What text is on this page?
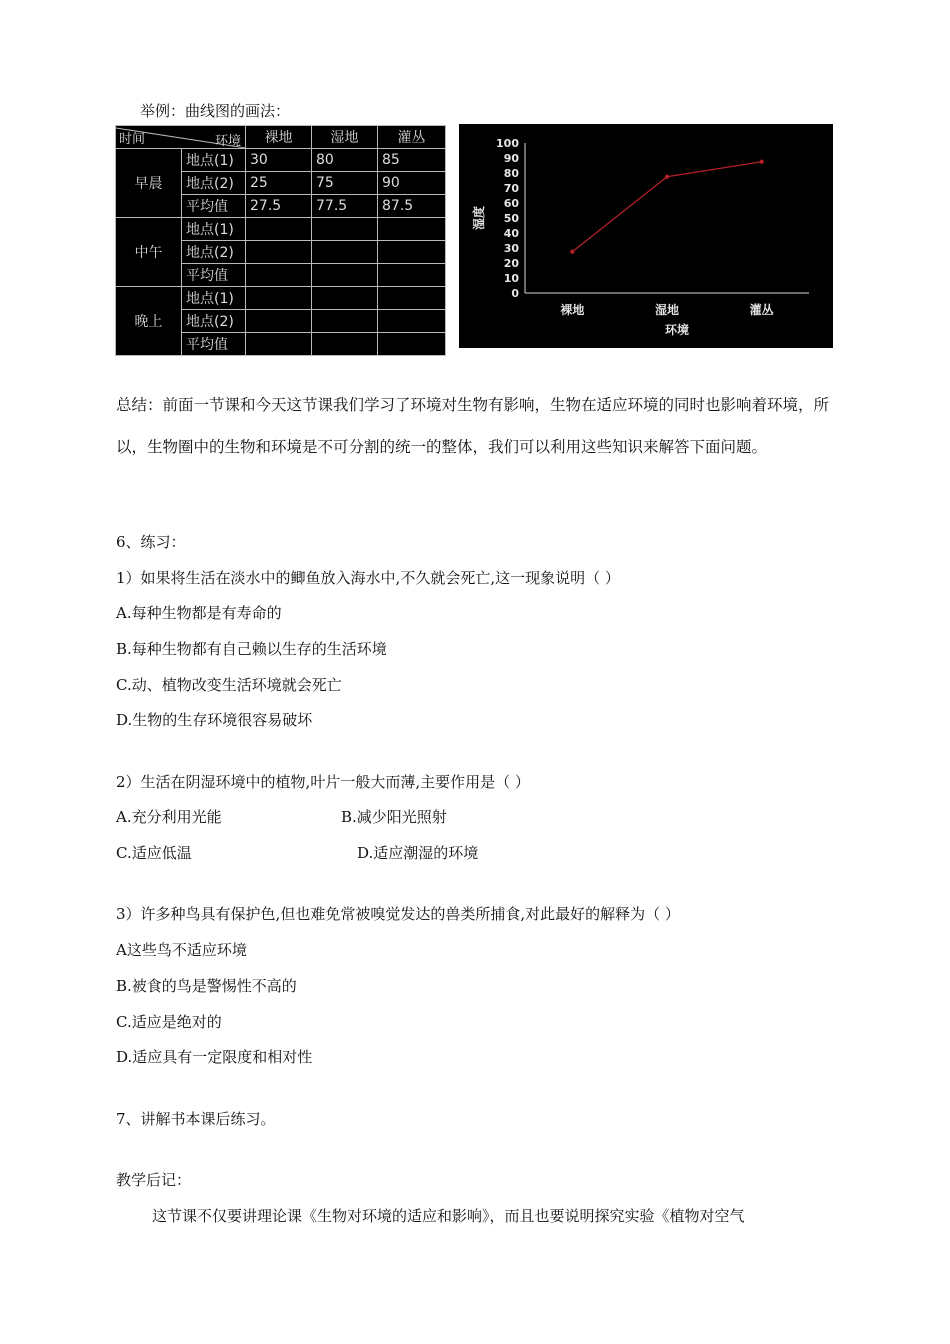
举例：曲线图的画法：
时间 环境		裸地	湿地	灌丛
早晨	地点(1)	30	80	85
	地点(2)	25	75	90
	平均值	27.5	77.5	87.5
中午	地点(1)			
	地点(2)			
	平均值			
晚上	地点(1)			
	地点(2)			
	平均值			
0
10
20
30
40
50
60
70
80
90
100
裸地	湿地	灌丛
环境
湿度
总结：前面一节课和今天这节课我们学习了环境对生物有影响，生物在适应环境的同时也影响着环境，所以，生物圈中的生物和环境是不可分割的统一的整体，我们可以利用这些知识来解答下面问题。
6、练习：
1）如果将生活在淡水中的鲫鱼放入海水中,不久就会死亡,这一现象说明（ ）
A.每种生物都是有寿命的
B.每种生物都有自己赖以生存的生活环境
C.动、植物改变生活环境就会死亡
D.生物的生存环境很容易破坏
2）生活在阴湿环境中的植物,叶片一般大而薄,主要作用是（ ）
A.充分利用光能	B.减少阳光照射
C.适应低温	D.适应潮湿的环境
3）许多种鸟具有保护色,但也难免常被嗅觉发达的兽类所捕食,对此最好的解释为（ ）
A这些鸟不适应环境
B.被食的鸟是警惕性不高的
C.适应是绝对的
D.适应具有一定限度和相对性
7、讲解书本课后练习。
教学后记：
这节课不仅要讲理论课《生物对环境的适应和影响》，而且也要说明探究实验《植物对空气
